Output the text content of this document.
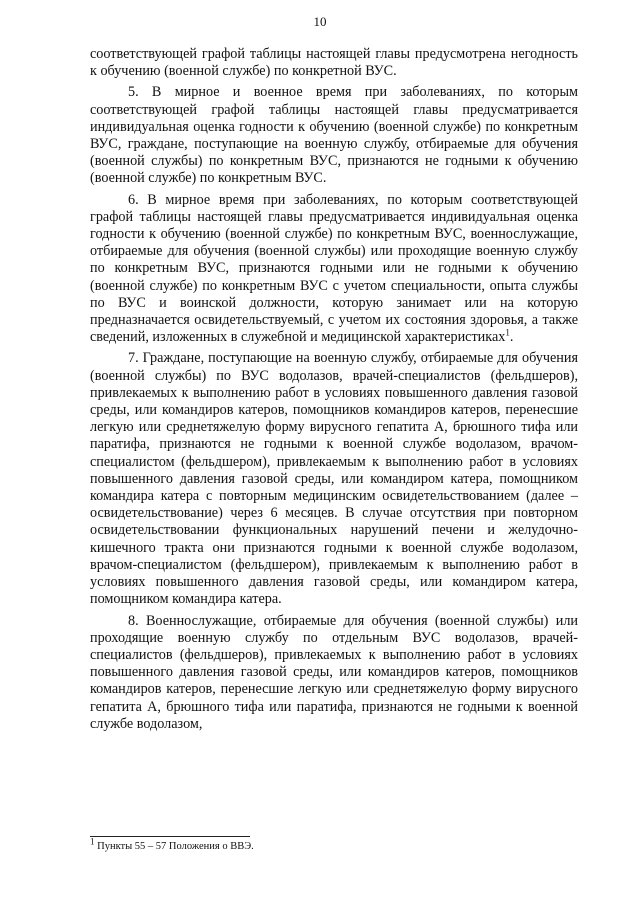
10

соответствующей графой таблицы настоящей главы предусмотрена негодность к обучению (военной службе) по конкретной ВУС.

5. В мирное и военное время при заболеваниях, по которым соответствующей графой таблицы настоящей главы предусматривается индивидуальная оценка годности к обучению (военной службе) по конкретным ВУС, граждане, поступающие на военную службу, отбираемые для обучения (военной службы) по конкретным ВУС, признаются не годными к обучению (военной службе) по конкретным ВУС.

6. В мирное время при заболеваниях, по которым соответствующей графой таблицы настоящей главы предусматривается индивидуальная оценка годности к обучению (военной службе) по конкретным ВУС, военнослужащие, отбираемые для обучения (военной службы) или проходящие военную службу по конкретным ВУС, признаются годными или не годными к обучению (военной службе) по конкретным ВУС с учетом специальности, опыта службы по ВУС и воинской должности, которую занимает или на которую предназначается освидетельствуемый, с учетом их состояния здоровья, а также сведений, изложенных в служебной и медицинской характеристиках$^1$.

7. Граждане, поступающие на военную службу, отбираемые для обучения (военной службы) по ВУС водолазов, врачей-специалистов (фельдшеров), привлекаемых к выполнению работ в условиях повышенного давления газовой среды, или командиров катеров, помощников командиров катеров, перенесшие легкую или среднетяжелую форму вирусного гепатита А, брюшного тифа или паратифа, признаются не годными к военной службе водолазом, врачом-специалистом (фельдшером), привлекаемым к выполнению работ в условиях повышенного давления газовой среды, или командиром катера, помощником командира катера с повторным медицинским освидетельствованием (далее – освидетельствование) через 6 месяцев. В случае отсутствия при повторном освидетельствовании функциональных нарушений печени и желудочно-кишечного тракта они признаются годными к военной службе водолазом, врачом-специалистом (фельдшером), привлекаемым к выполнению работ в условиях повышенного давления газовой среды, или командиром катера, помощником командира катера.

8. Военнослужащие, отбираемые для обучения (военной службы) или проходящие военную службу по отдельным ВУС водолазов, врачей-специалистов (фельдшеров), привлекаемых к выполнению работ в условиях повышенного давления газовой среды, или командиров катеров, помощников командиров катеров, перенесшие легкую или среднетяжелую форму вирусного гепатита А, брюшного тифа или паратифа, признаются не годными к военной службе водолазом,

$^1$ Пункты 55 – 57 Положения о ВВЭ.
